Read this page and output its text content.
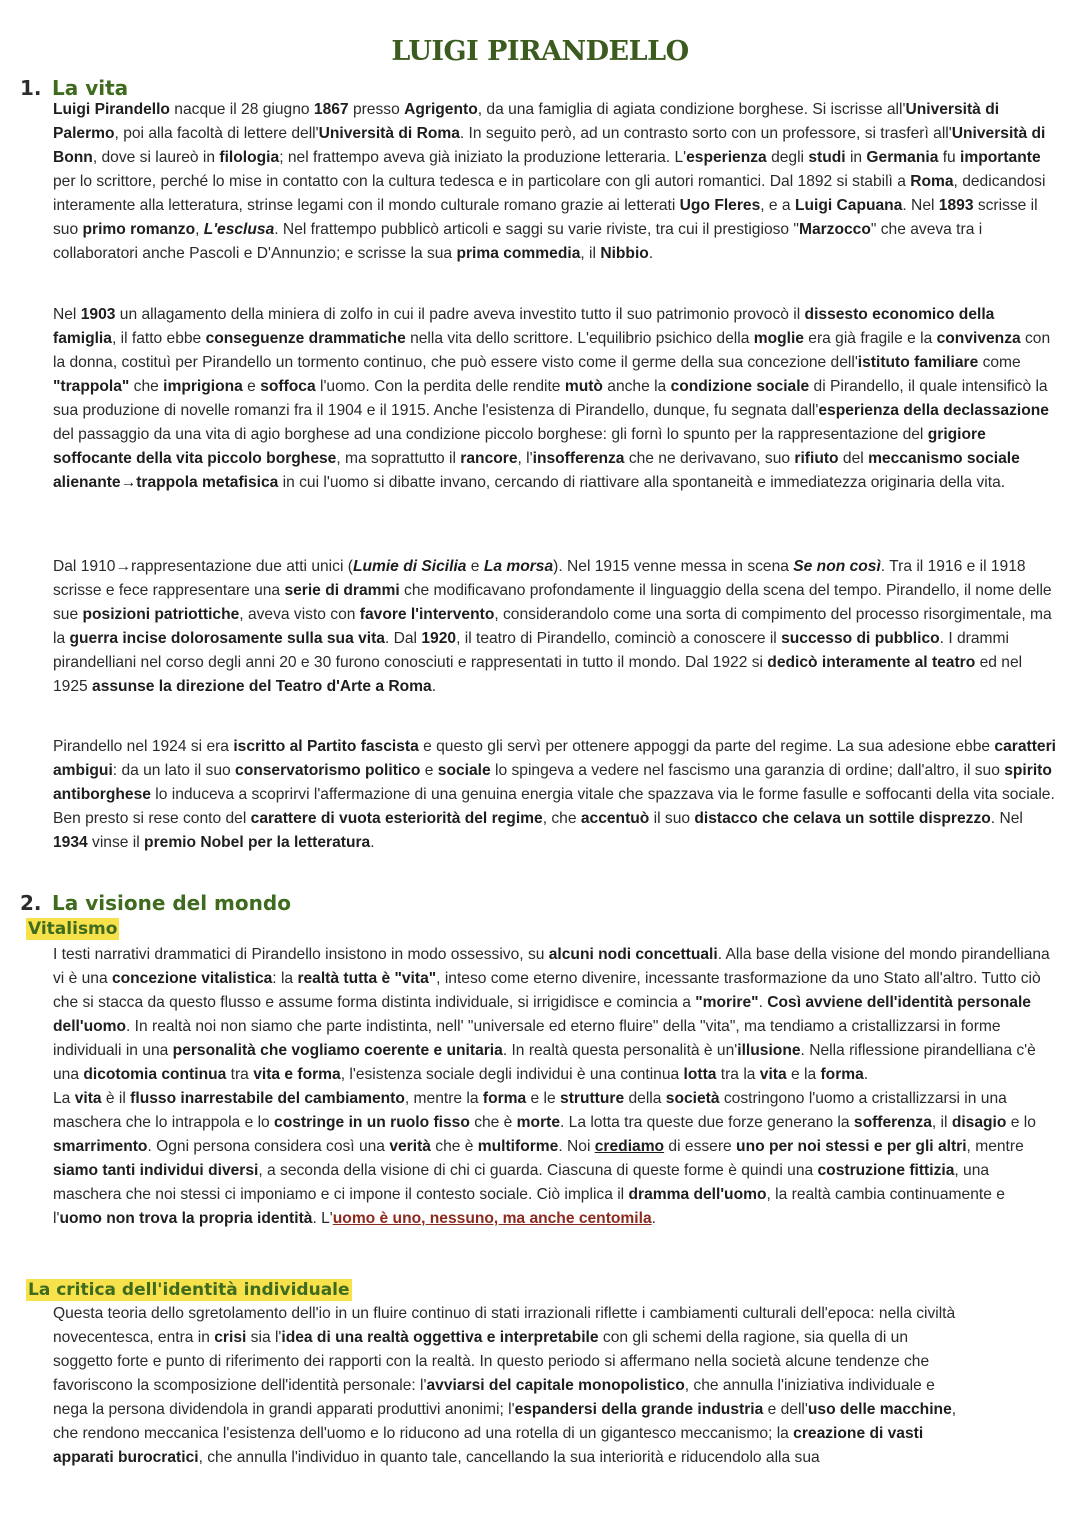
LUIGI PIRANDELLO
1. La vita

Luigi Pirandello nacque il 28 giugno 1867 presso Agrigento, da una famiglia di agiata condizione borghese. Si iscrisse all'Università di Palermo, poi alla facoltà di lettere dell'Università di Roma. In seguito però, ad un contrasto sorto con un professore, si trasferì all'Università di Bonn, dove si laureò in filologia; nel frattempo aveva già iniziato la produzione letteraria. L'esperienza degli studi in Germania fu importante per lo scrittore, perché lo mise in contatto con la cultura tedesca e in particolare con gli autori romantici. Dal 1892 si stabilì a Roma, dedicandosi interamente alla letteratura, strinse legami con il mondo culturale romano grazie ai letterati Ugo Fleres, e a Luigi Capuana. Nel 1893 scrisse il suo primo romanzo, L'esclusa. Nel frattempo pubblicò articoli e saggi su varie riviste, tra cui il prestigioso "Marzocco" che aveva tra i collaboratori anche Pascoli e D'Annunzio; e scrisse la sua prima commedia, il Nibbio.

Nel 1903 un allagamento della miniera di zolfo in cui il padre aveva investito tutto il suo patrimonio provocò il dissesto economico della famiglia, il fatto ebbe conseguenze drammatiche nella vita dello scrittore. L'equilibrio psichico della moglie era già fragile e la convivenza con la donna, costituì per Pirandello un tormento continuo, che può essere visto come il germe della sua concezione dell'istituto familiare come "trappola" che imprigiona e soffoca l'uomo. Con la perdita delle rendite mutò anche la condizione sociale di Pirandello, il quale intensificò la sua produzione di novelle romanzi fra il 1904 e il 1915. Anche l'esistenza di Pirandello, dunque, fu segnata dall'esperienza della declassazione del passaggio da una vita di agio borghese ad una condizione piccolo borghese: gli fornì lo spunto per la rappresentazione del grigiore soffocante della vita piccolo borghese, ma soprattutto il rancore, l'insofferenza che ne derivavano, suo rifiuto del meccanismo sociale alienante→trappola metafisica in cui l'uomo si dibatte invano, cercando di riattivare alla spontaneità e immediatezza originaria della vita.

Dal 1910→rappresentazione due atti unici (Lumie di Sicilia e La morsa). Nel 1915 venne messa in scena Se non così. Tra il 1916 e il 1918 scrisse e fece rappresentare una serie di drammi che modificavano profondamente il linguaggio della scena del tempo. Pirandello, il nome delle sue posizioni patriottiche, aveva visto con favore l'intervento, considerandolo come una sorta di compimento del processo risorgimentale, ma la guerra incise dolorosamente sulla sua vita. Dal 1920, il teatro di Pirandello, cominciò a conoscere il successo di pubblico. I drammi pirandelliani nel corso degli anni 20 e 30 furono conosciuti e rappresentati in tutto il mondo. Dal 1922 si dedicò interamente al teatro ed nel 1925 assunse la direzione del Teatro d'Arte a Roma.

Pirandello nel 1924 si era iscritto al Partito fascista e questo gli servì per ottenere appoggi da parte del regime. La sua adesione ebbe caratteri ambigui: da un lato il suo conservatorismo politico e sociale lo spingeva a vedere nel fascismo una garanzia di ordine; dall'altro, il suo spirito antiborghese lo induceva a scoprirvi l'affermazione di una genuina energia vitale che spazzava via le forme fasulle e soffocanti della vita sociale. Ben presto si rese conto del carattere di vuota esteriorità del regime, che accentuò il suo distacco che celava un sottile disprezzo. Nel 1934 vinse il premio Nobel per la letteratura.

2. La visione del mondo
Vitalismo

I testi narrativi drammatici di Pirandello insistono in modo ossessivo, su alcuni nodi concettuali. Alla base della visione del mondo pirandelliana vi è una concezione vitalistica: la realtà tutta è "vita", inteso come eterno divenire, incessante trasformazione da uno Stato all'altro. Tutto ciò che si stacca da questo flusso e assume forma distinta individuale, si irrigidisce e comincia a "morire". Così avviene dell'identità personale dell'uomo. In realtà noi non siamo che parte indistinta, nell' "universale ed eterno fluire" della "vita", ma tendiamo a cristallizzarsi in forme individuali in una personalità che vogliamo coerente e unitaria. In realtà questa personalità è un'illusione. Nella riflessione pirandelliana c'è una dicotomia continua tra vita e forma, l'esistenza sociale degli individui è una continua lotta tra la vita e la forma.
La vita è il flusso inarrestabile del cambiamento, mentre la forma e le strutture della società costringono l'uomo a cristallizzarsi in una maschera che lo intrappola e lo costringe in un ruolo fisso che è morte. La lotta tra queste due forze generano la sofferenza, il disagio e lo smarrimento. Ogni persona considera così una verità che è multiforme. Noi crediamo di essere uno per noi stessi e per gli altri, mentre siamo tanti individui diversi, a seconda della visione di chi ci guarda. Ciascuna di queste forme è quindi una costruzione fittizia, una maschera che noi stessi ci imponiamo e ci impone il contesto sociale. Ciò implica il dramma dell'uomo, la realtà cambia continuamente e l'uomo non trova la propria identità. L'uomo è uno, nessuno, ma anche centomila.

La critica dell'identità individuale

Questa teoria dello sgretolamento dell'io in un fluire continuo di stati irrazionali riflette i cambiamenti culturali dell'epoca: nella civiltà novecentesca, entra in crisi sia l'idea di una realtà oggettiva e interpretabile con gli schemi della ragione, sia quella di un soggetto forte e punto di riferimento dei rapporti con la realtà. In questo periodo si affermano nella società alcune tendenze che favoriscono la scomposizione dell'identità personale: l'avviarsi del capitale monopolistico, che annulla l'iniziativa individuale e nega la persona dividendola in grandi apparati produttivi anonimi; l'espandersi della grande industria e dell'uso delle macchine, che rendono meccanica l'esistenza dell'uomo e lo riducono ad una rotella di un gigantesco meccanismo; la creazione di vasti apparati burocratici, che annulla l'individuo in quanto tale, cancellando la sua interiorità e riducendolo alla sua
